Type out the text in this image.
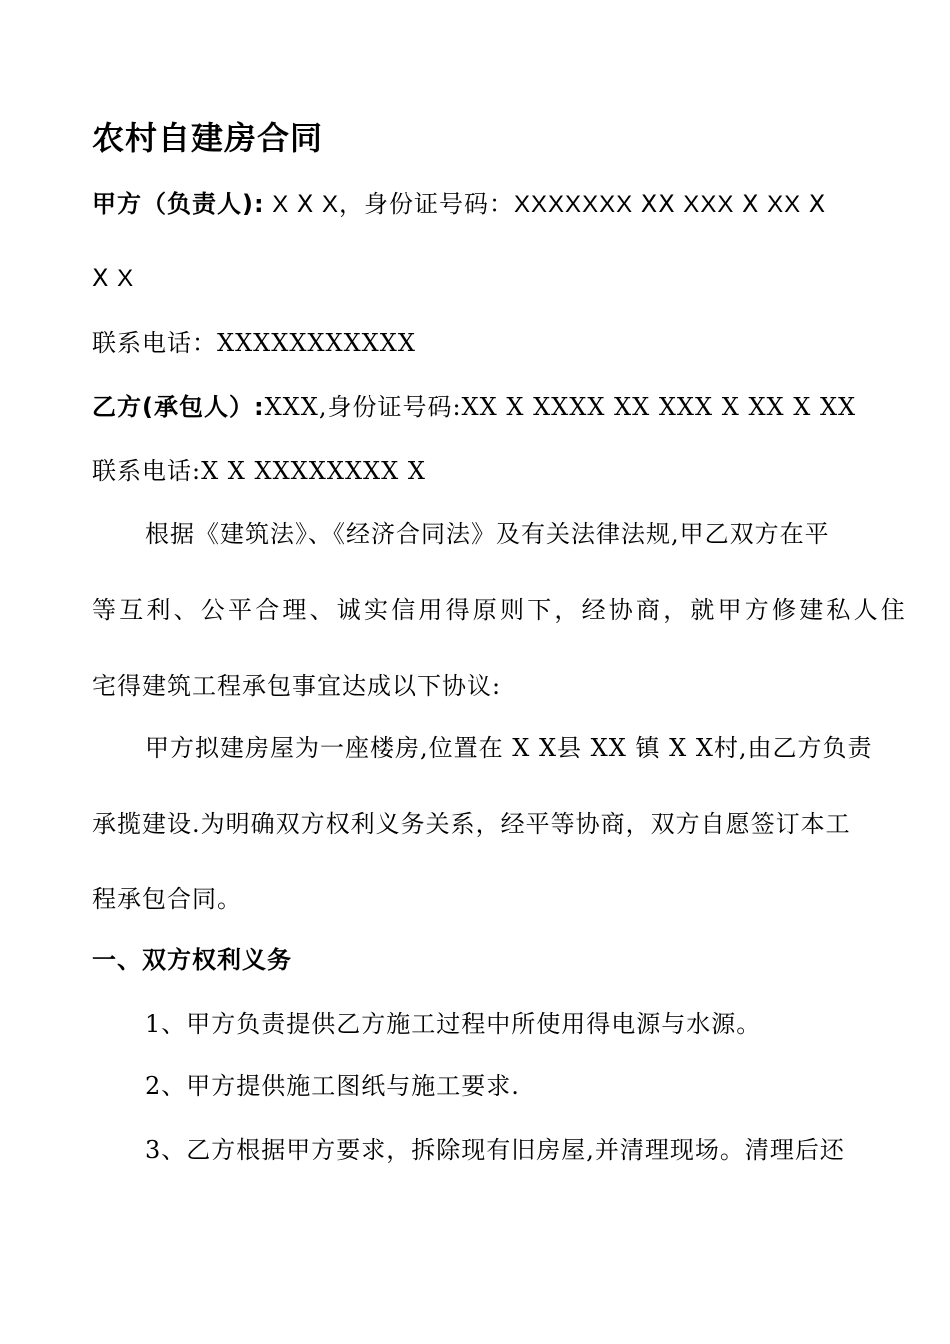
农村自建房合同
甲方（负责人): X Ⅹ X，身份证号码：XXXXXXX ⅩⅩ XXX Ⅹ XX Ⅹ
Ⅹ X
联系电话：XXXXXXXXXXX
乙方(承包人）:XXX,身份证号码:XX Ⅹ XXXX ⅩⅩ XXX Ⅹ XX Ⅹ XX
联系电话:X Ⅹ XXXXXXXX Ⅹ
根据《建筑法》、《经济合同法》及有关法律法规,甲乙双方在平
等互利、公平合理、诚实信用得原则下，经协商，就甲方修建私人住
宅得建筑工程承包事宜达成以下协议:
甲方拟建房屋为一座楼房,位置在 X Ⅹ县 XX 镇 X Ⅹ村,由乙方负责
承揽建设.为明确双方权利义务关系，经平等协商，双方自愿签订本工
程承包合同。
一、双方权利义务
1、甲方负责提供乙方施工过程中所使用得电源与水源。
2、甲方提供施工图纸与施工要求.
3、乙方根据甲方要求，拆除现有旧房屋,并清理现场。清理后还
